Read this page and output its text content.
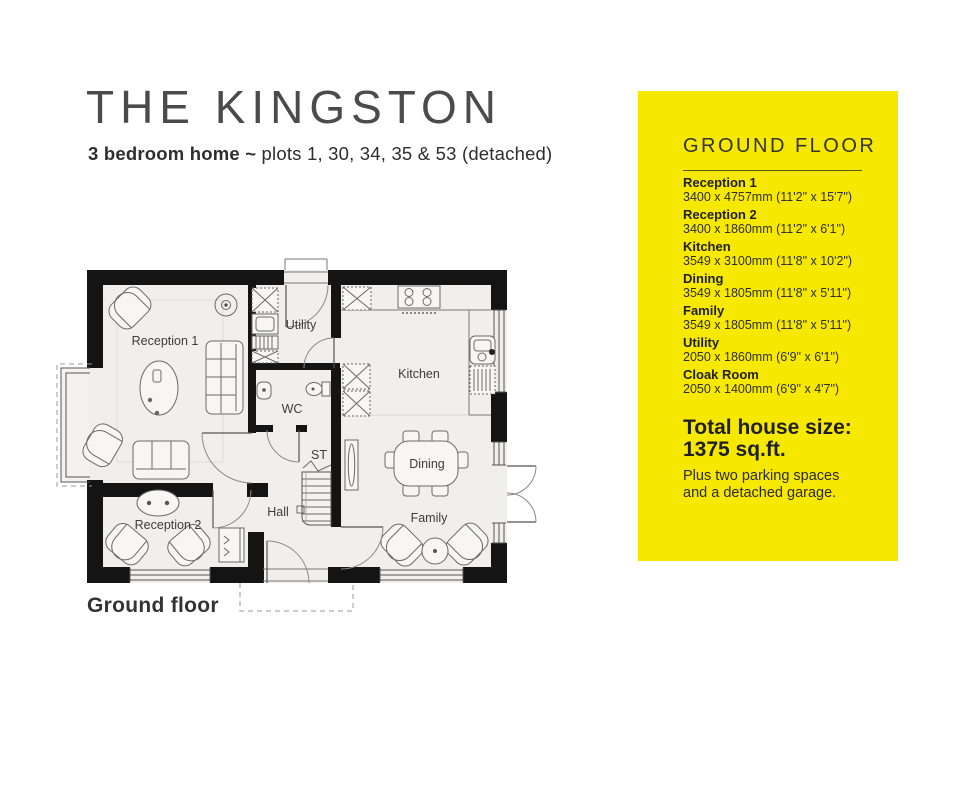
THE KINGSTON

3 bedroom home ~ plots 1, 30, 34, 35 & 53 (detached)

Reception 1
Utility
Kitchen
WC
ST
Dining
Hall
Reception 2	Family
Ground floor
GROUND FLOOR
Reception 1
3400 x 4757mm (11'2" x 15'7")
Reception 2
3400 x 1860mm (11'2" x 6'1")
Kitchen
3549 x 3100mm (11'8" x 10'2")
Dining
3549 x 1805mm (11'8" x 5'11")
Family
3549 x 1805mm (11'8" x 5'11")
Utility
2050 x 1860mm (6'9" x 6'1")
Cloak Room
2050 x 1400mm (6'9" x 4'7")
Total house size:
1375 sq.ft.
Plus two parking spaces
and a detached garage.
